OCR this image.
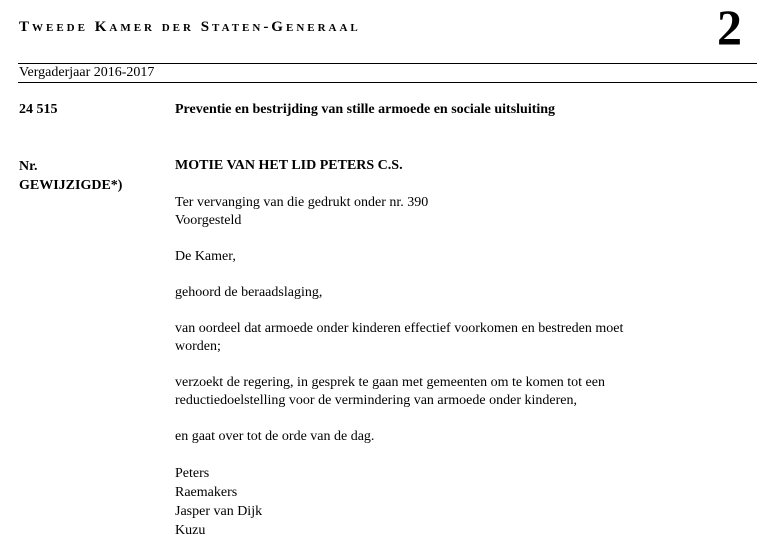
Tweede Kamer der Staten-Generaal	2
Vergaderjaar 2016-2017
24 515	Preventie en bestrijding van stille armoede en sociale uitsluiting
Nr.
GEWIJZIGDE*)
MOTIE VAN HET LID PETERS C.S.

Ter vervanging van die gedrukt onder nr. 390
Voorgesteld

De Kamer,

gehoord de beraadslaging,

van oordeel dat armoede onder kinderen effectief voorkomen en bestreden moet
worden;

verzoekt de regering, in gesprek te gaan met gemeenten om te komen tot een
reductiedoelstelling voor de vermindering van armoede onder kinderen,

en gaat over tot de orde van de dag.

Peters
Raemakers
Jasper van Dijk
Kuzu
